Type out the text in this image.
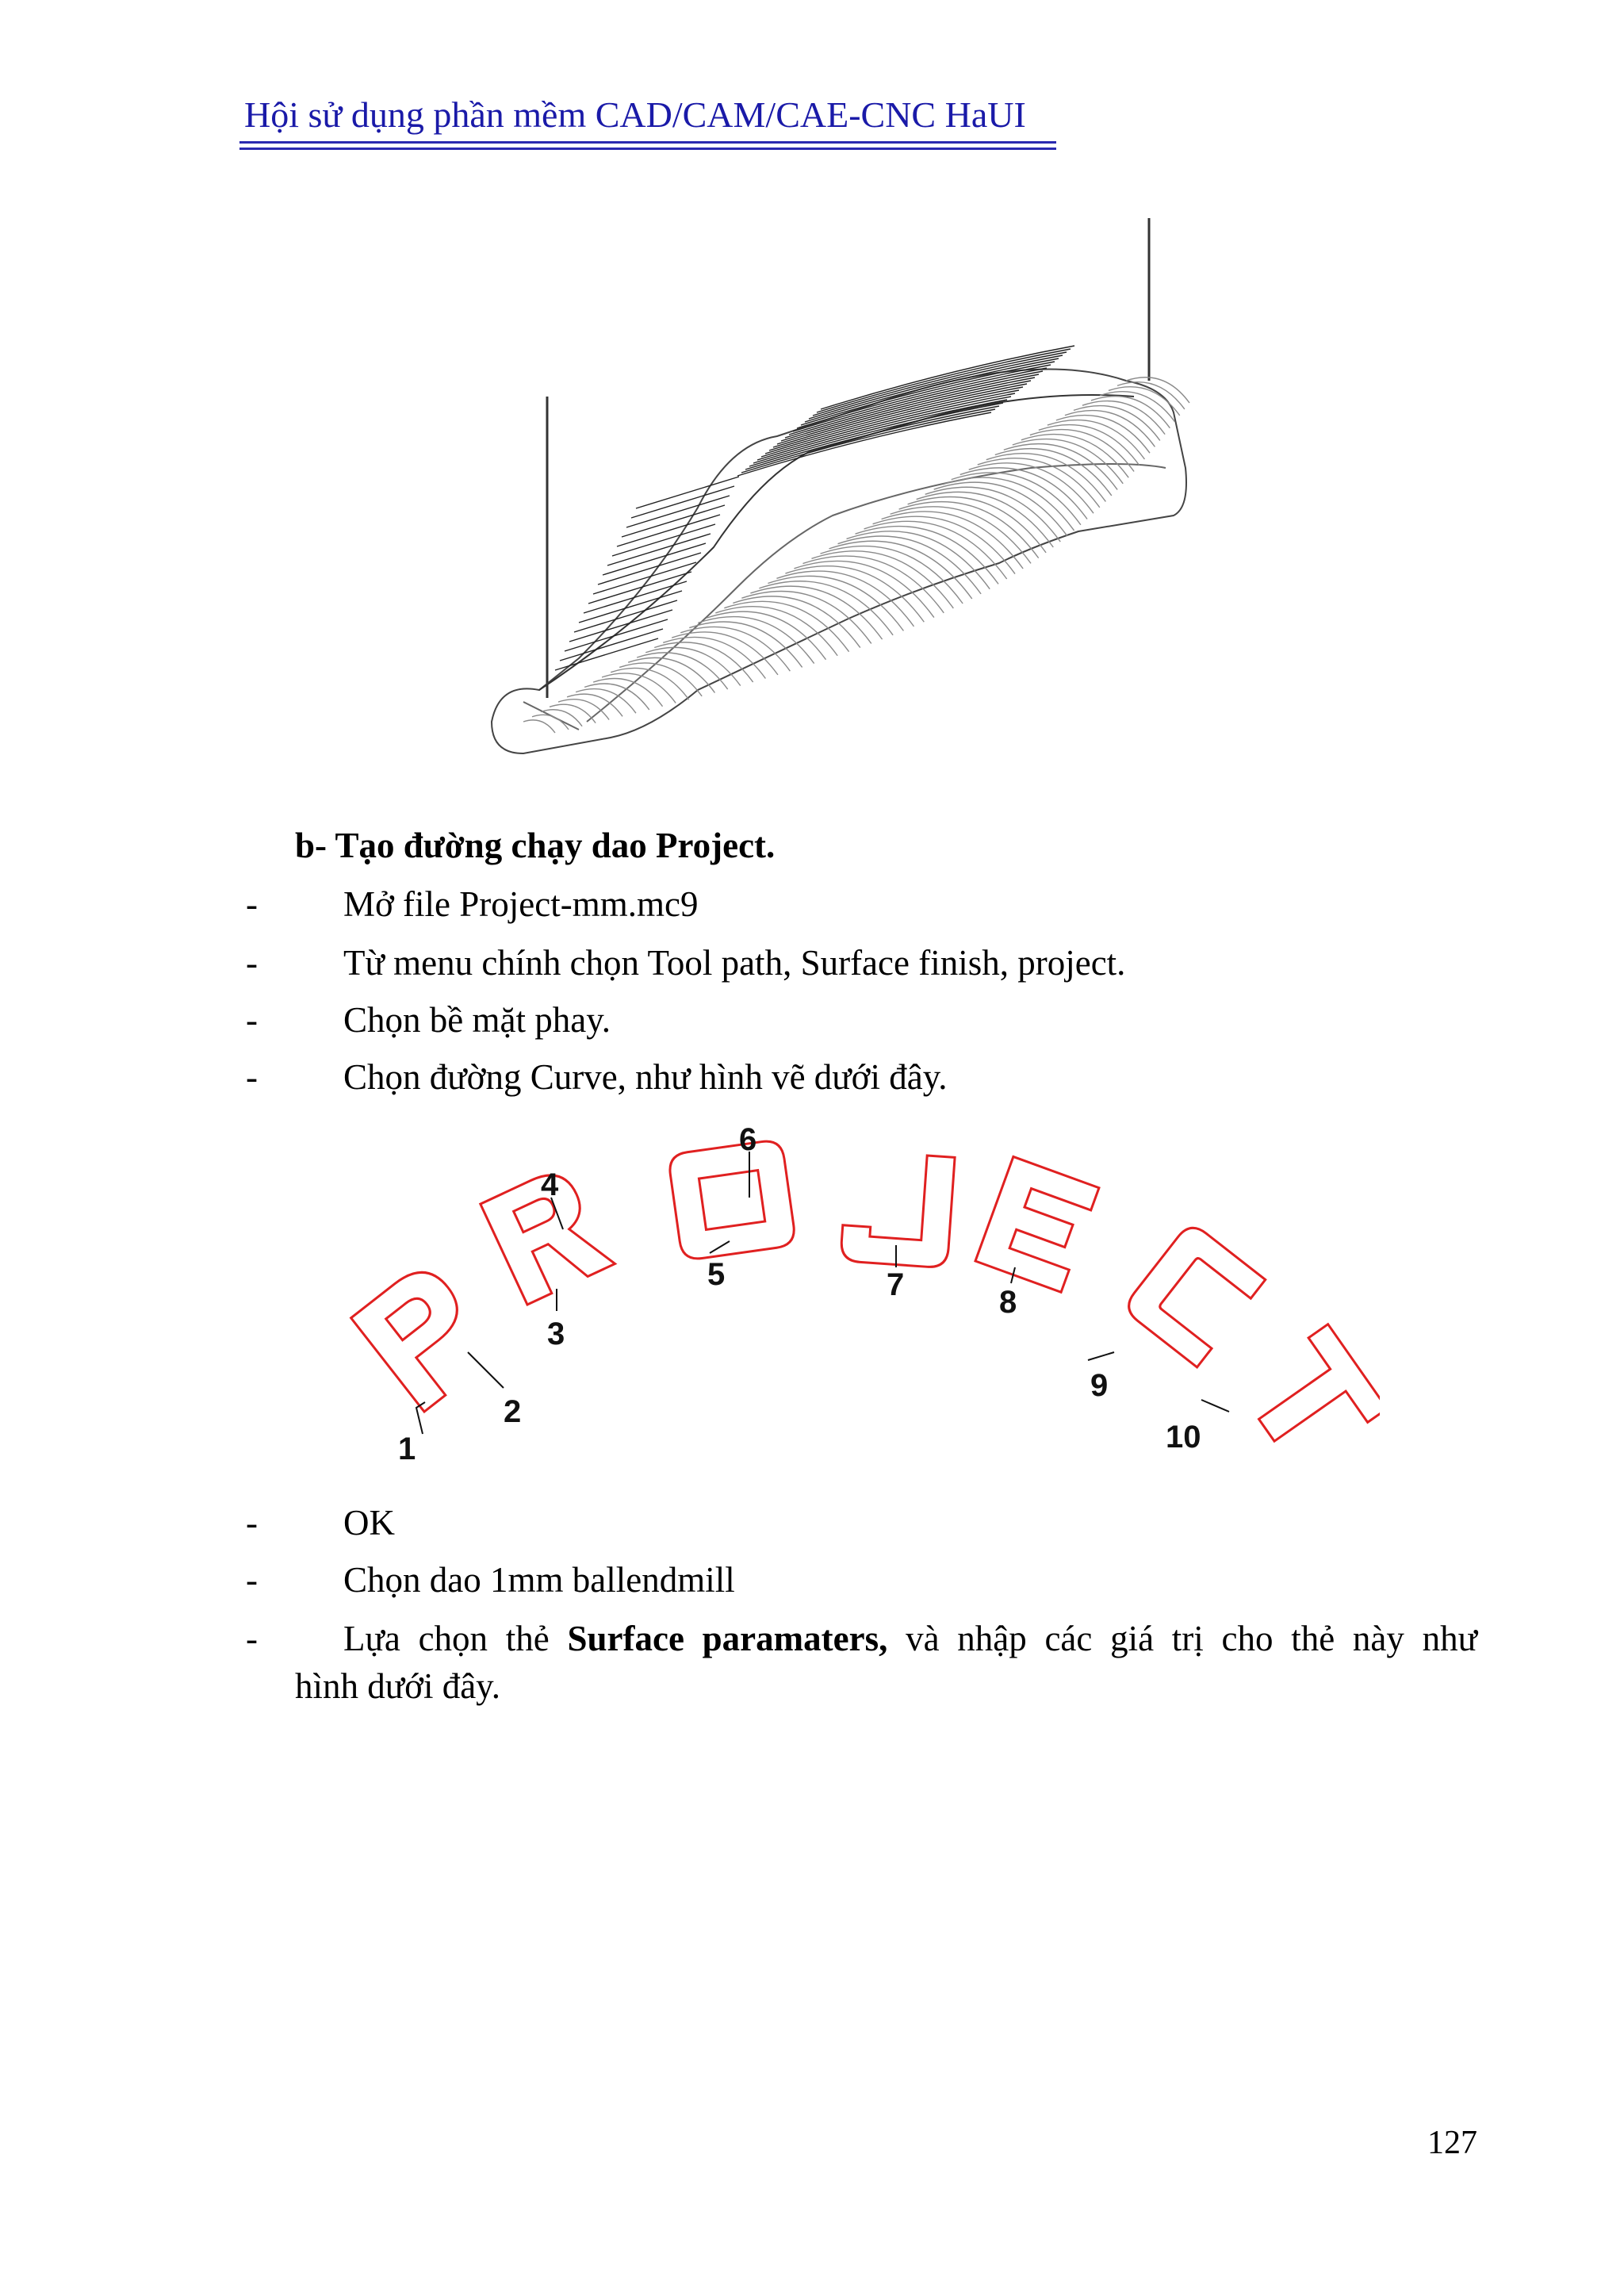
Hội sử dụng phần mềm CAD/CAM/CAE-CNC HaUI
b- Tạo đường chạy dao Project.
- Mở file Project-mm.mc9
- Từ menu chính chọn Tool path, Surface finish, project.
- Chọn bề mặt phay.
- Chọn đường Curve, như hình vẽ dưới đây.
1
2
3
4
5
6
7	8
9
10
- OK
- Chọn dao 1mm ballendmill
- Lựa chọn thẻ Surface paramaters, và nhập các giá trị cho thẻ này như
hình dưới đây.
127
